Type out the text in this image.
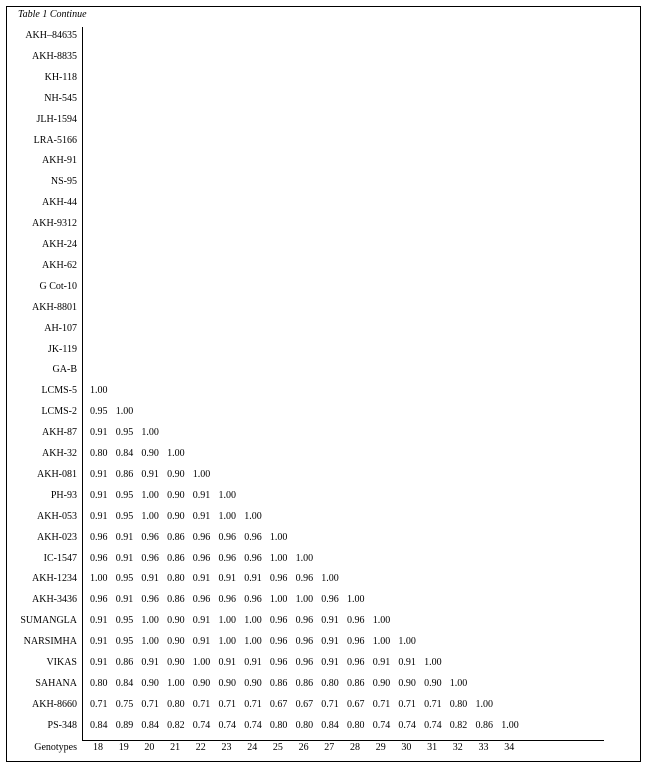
Table 1 Continue
AKH–84635
AKH-8835
KH-118
NH-545
JLH-1594
LRA-5166
AKH-91
NS-95
AKH-44
AKH-9312
AKH-24
AKH-62
G Cot-10
AKH-8801
AH-107
JK-119
GA-B
LCMS-5 1.00
LCMS-2 0.95 1.00
AKH-87 0.91 0.95 1.00
AKH-32 0.80 0.84 0.90 1.00
AKH-081 0.91 0.86 0.91 0.90 1.00
PH-93 0.91 0.95 1.00 0.90 0.91 1.00
AKH-053 0.91 0.95 1.00 0.90 0.91 1.00 1.00
AKH-023 0.96 0.91 0.96 0.86 0.96 0.96 0.96 1.00
IC-1547 0.96 0.91 0.96 0.86 0.96 0.96 0.96 1.00 1.00
AKH-1234 1.00 0.95 0.91 0.80 0.91 0.91 0.91 0.96 0.96 1.00
AKH-3436 0.96 0.91 0.96 0.86 0.96 0.96 0.96 1.00 1.00 0.96 1.00
SUMANGLA 0.91 0.95 1.00 0.90 0.91 1.00 1.00 0.96 0.96 0.91 0.96 1.00
NARSIMHA 0.91 0.95 1.00 0.90 0.91 1.00 1.00 0.96 0.96 0.91 0.96 1.00 1.00
VIKAS 0.91 0.86 0.91 0.90 1.00 0.91 0.91 0.96 0.96 0.91 0.96 0.91 0.91 1.00
SAHANA 0.80 0.84 0.90 1.00 0.90 0.90 0.90 0.86 0.86 0.80 0.86 0.90 0.90 0.90 1.00
AKH-8660 0.71 0.75 0.71 0.80 0.71 0.71 0.71 0.67 0.67 0.71 0.67 0.71 0.71 0.71 0.80 1.00
PS-348 0.84 0.89 0.84 0.82 0.74 0.74 0.74 0.80 0.80 0.84 0.80 0.74 0.74 0.74 0.82 0.86 1.00
18	19	20	21	22	23	24	25	26	27	28	29	30	31	32	33	34
Genotypes
